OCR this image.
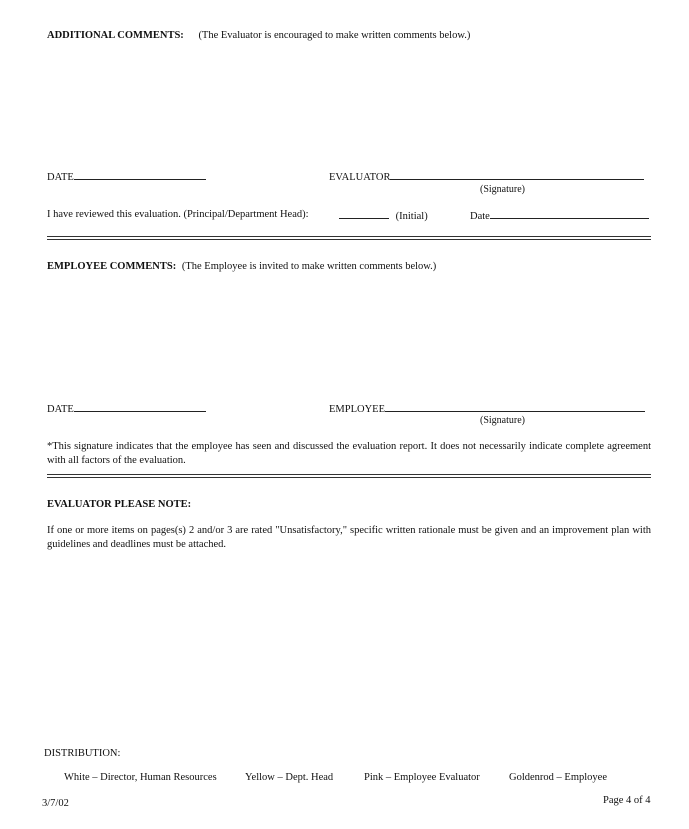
ADDITIONAL COMMENTS: (The Evaluator is encouraged to make written comments below.)
DATE	EVALUATOR
(Signature)
I have reviewed this evaluation. (Principal/Department Head):	(Initial)	Date
EMPLOYEE COMMENTS: (The Employee is invited to make written comments below.)
DATE	EMPLOYEE
(Signature)
*This signature indicates that the employee has seen and discussed the evaluation report. It does not necessarily indicate complete agreement with all factors of the evaluation.
EVALUATOR PLEASE NOTE:
If one or more items on pages(s) 2 and/or 3 are rated "Unsatisfactory," specific written rationale must be given and an improvement plan with guidelines and deadlines must be attached.
DISTRIBUTION:
White – Director, Human Resources	Yellow – Dept. Head	Pink – Employee Evaluator	Goldenrod – Employee
3/7/02	Page 4 of 4
